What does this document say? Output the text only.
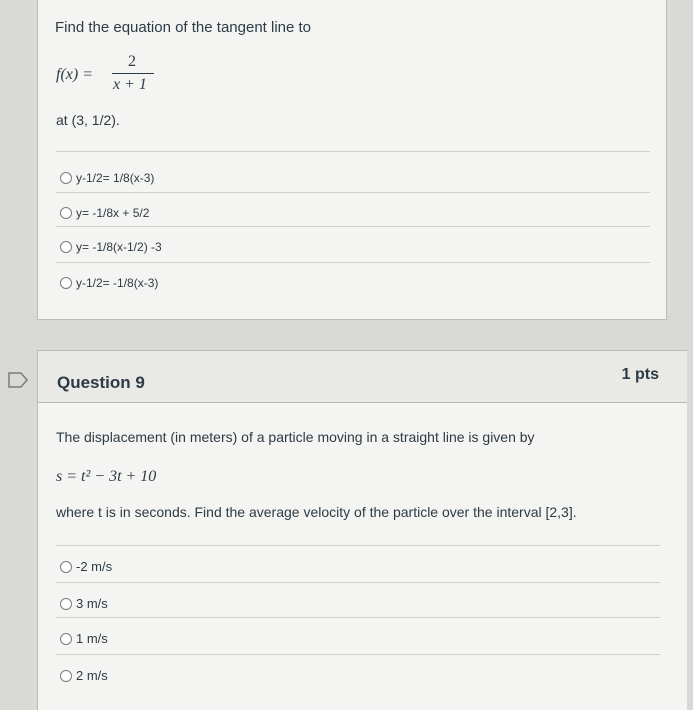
Find the equation of the tangent line to
f(x) =
2
x + 1
at (3, 1/2).
y-1/2= 1/8(x-3)
y= -1/8x + 5/2
y= -1/8(x-1/2) -3
y-1/2= -1/8(x-3)
Question 9	1 pts
The displacement (in meters) of a particle moving in a straight line is given by
s = t² − 3t + 10
where t is in seconds. Find the average velocity of the particle over the interval [2,3].
-2 m/s
3 m/s
1 m/s
2 m/s
